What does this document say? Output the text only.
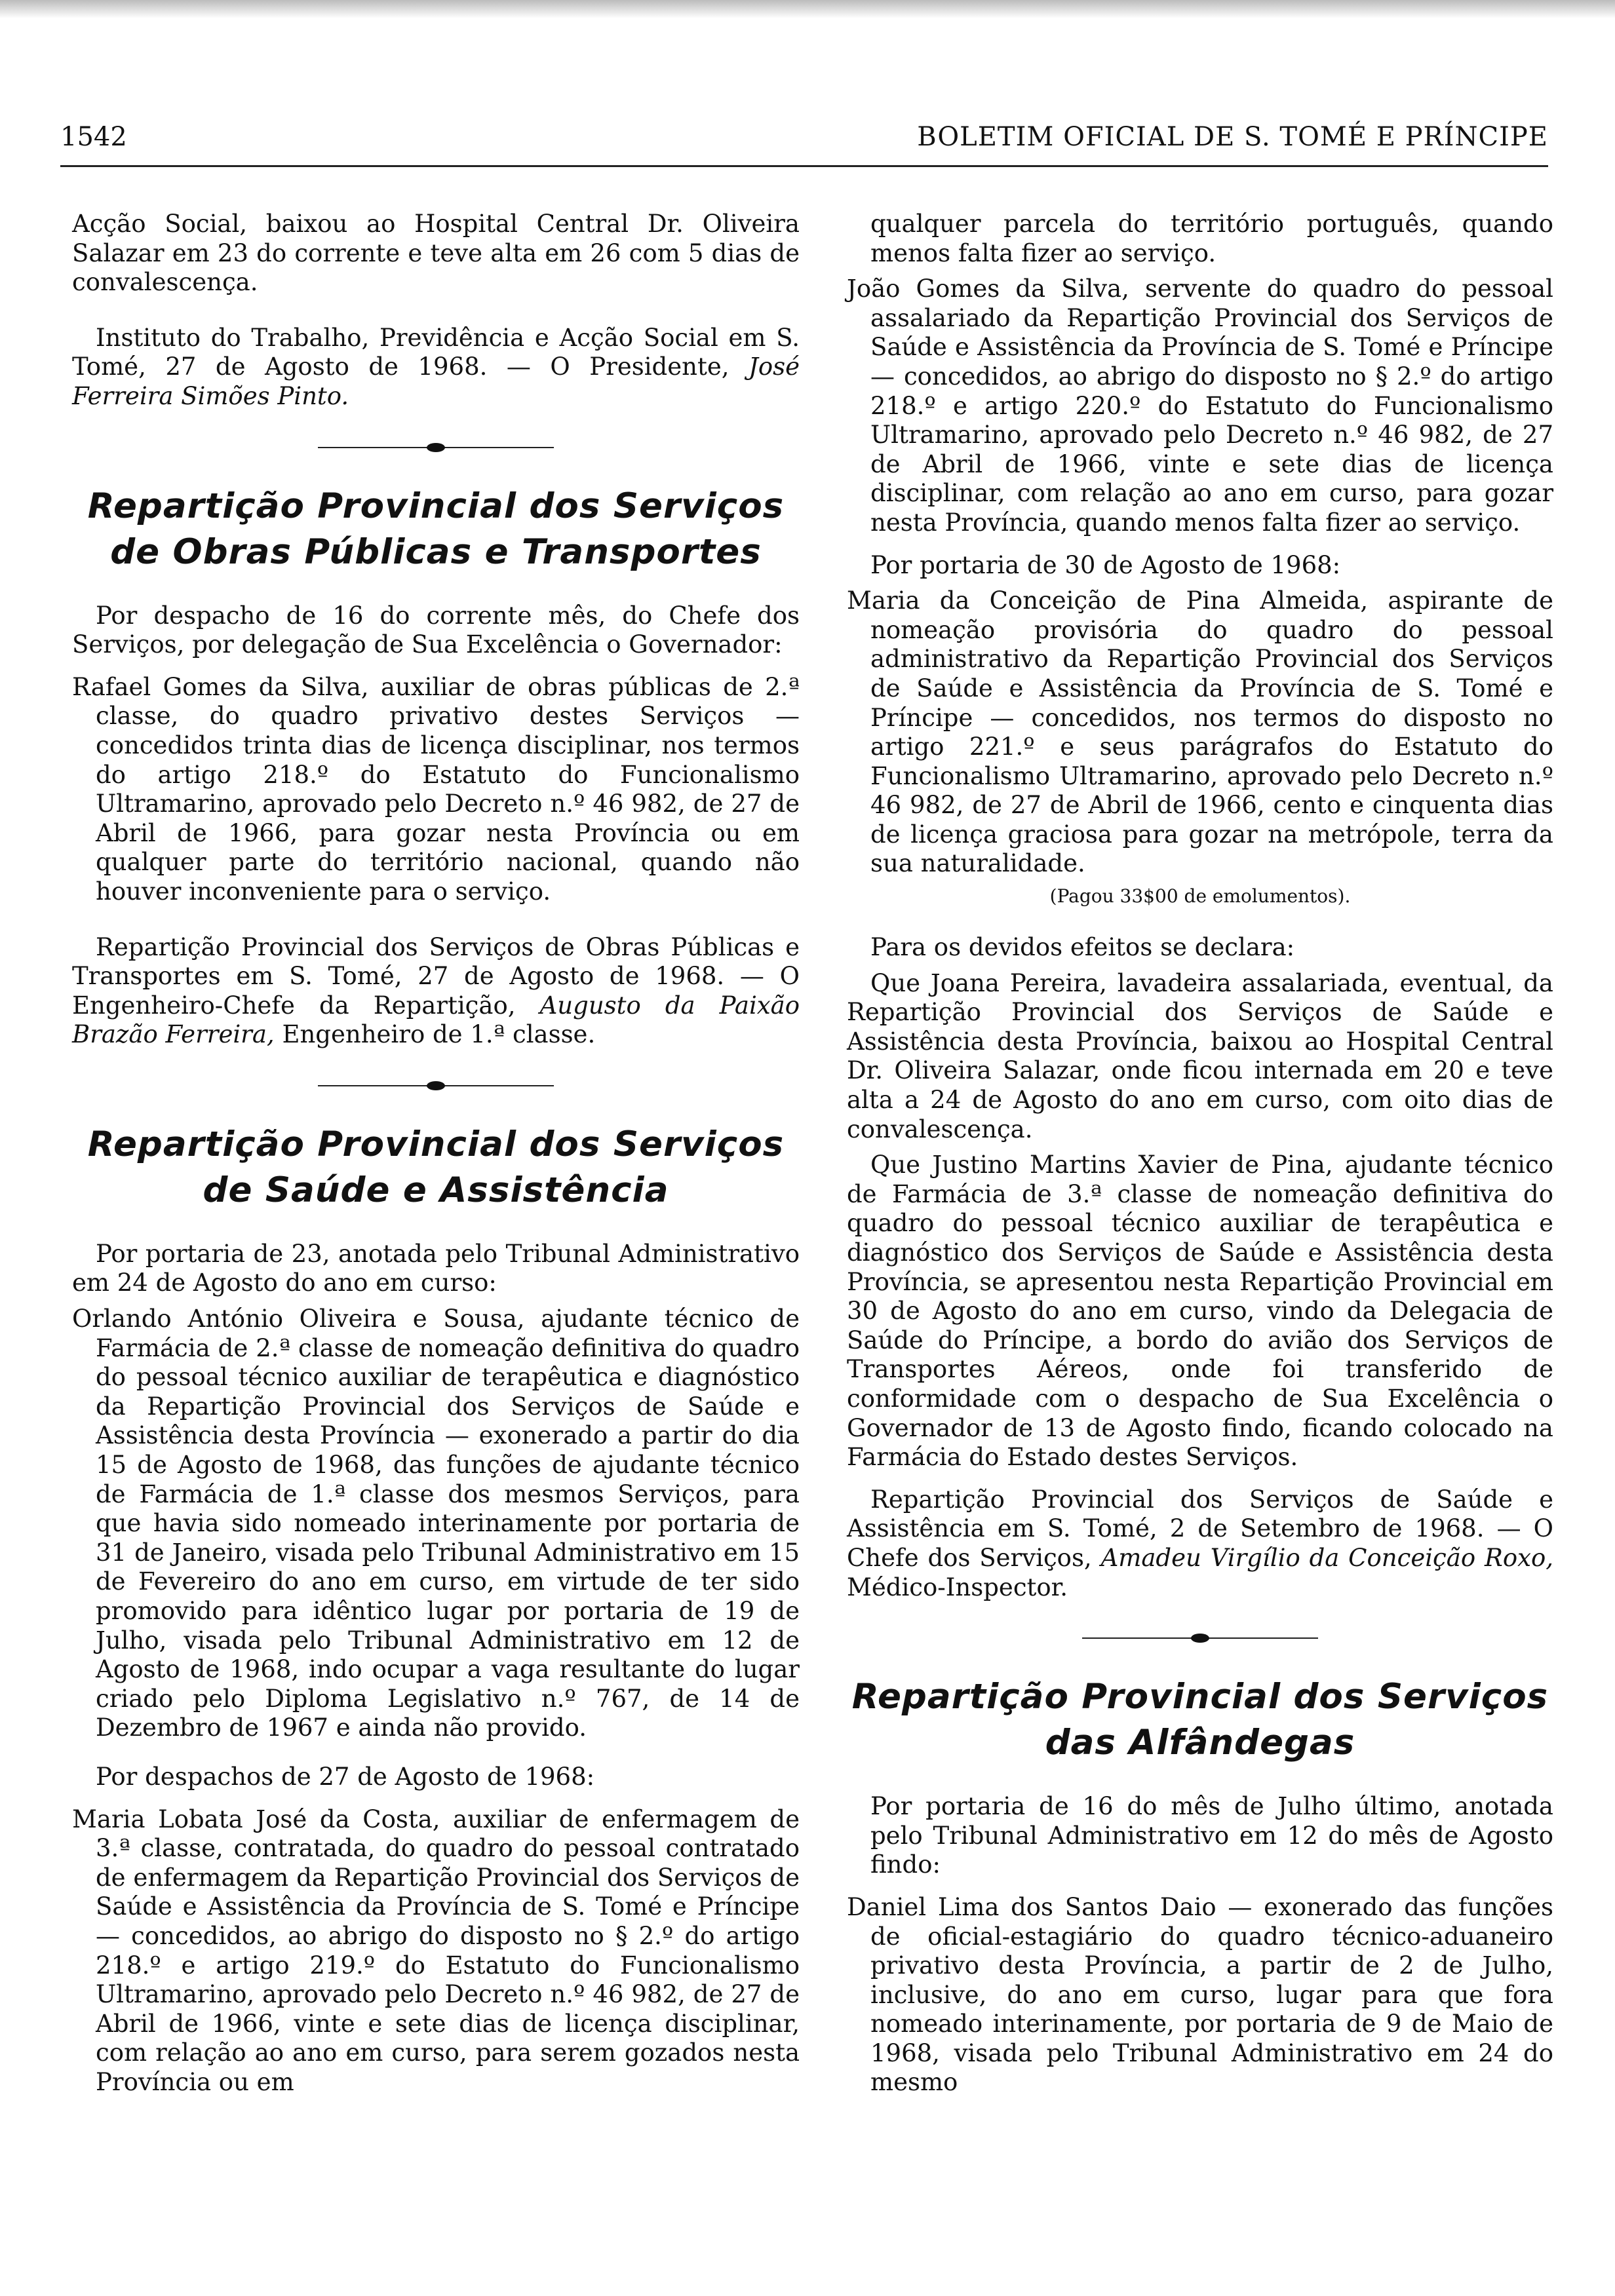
1542	BOLETIM OFICIAL DE S. TOMÉ E PRÍNCIPE

Acção Social, baixou ao Hospital Central Dr. Oliveira Salazar em 23 do corrente e teve alta em 26 com 5 dias de convalescença.

Instituto do Trabalho, Previdência e Acção Social em S. Tomé, 27 de Agosto de 1968. — O Presidente, José Ferreira Simões Pinto.

Repartição Provincial dos Serviços
de Obras Públicas e Transportes

Por despacho de 16 do corrente mês, do Chefe dos Serviços, por delegação de Sua Excelência o Governador:

Rafael Gomes da Silva, auxiliar de obras públicas de 2.ª classe, do quadro privativo destes Serviços — concedidos trinta dias de licença disciplinar, nos termos do artigo 218.º do Estatuto do Funcionalismo Ultramarino, aprovado pelo Decreto n.º 46 982, de 27 de Abril de 1966, para gozar nesta Província ou em qualquer parte do território nacional, quando não houver inconveniente para o serviço.

Repartição Provincial dos Serviços de Obras Públicas e Transportes em S. Tomé, 27 de Agosto de 1968. — O Engenheiro-Chefe da Repartição, Augusto da Paixão Brazão Ferreira, Engenheiro de 1.ª classe.

Repartição Provincial dos Serviços
de Saúde e Assistência

Por portaria de 23, anotada pelo Tribunal Administrativo em 24 de Agosto do ano em curso:

Orlando António Oliveira e Sousa, ajudante técnico de Farmácia de 2.ª classe de nomeação definitiva do quadro do pessoal técnico auxiliar de terapêutica e diagnóstico da Repartição Provincial dos Serviços de Saúde e Assistência desta Província — exonerado a partir do dia 15 de Agosto de 1968, das funções de ajudante técnico de Farmácia de 1.ª classe dos mesmos Serviços, para que havia sido nomeado interinamente por portaria de 31 de Janeiro, visada pelo Tribunal Administrativo em 15 de Fevereiro do ano em curso, em virtude de ter sido promovido para idêntico lugar por portaria de 19 de Julho, visada pelo Tribunal Administrativo em 12 de Agosto de 1968, indo ocupar a vaga resultante do lugar criado pelo Diploma Legislativo n.º 767, de 14 de Dezembro de 1967 e ainda não provido.

Por despachos de 27 de Agosto de 1968:

Maria Lobata José da Costa, auxiliar de enfermagem de 3.ª classe, contratada, do quadro do pessoal contratado de enfermagem da Repartição Provincial dos Serviços de Saúde e Assistência da Província de S. Tomé e Príncipe — concedidos, ao abrigo do disposto no § 2.º do artigo 218.º e artigo 219.º do Estatuto do Funcionalismo Ultramarino, aprovado pelo Decreto n.º 46 982, de 27 de Abril de 1966, vinte e sete dias de licença disciplinar, com relação ao ano em curso, para serem gozados nesta Província ou em

qualquer parcela do território português, quando menos falta fizer ao serviço.

João Gomes da Silva, servente do quadro do pessoal assalariado da Repartição Provincial dos Serviços de Saúde e Assistência da Província de S. Tomé e Príncipe — concedidos, ao abrigo do disposto no § 2.º do artigo 218.º e artigo 220.º do Estatuto do Funcionalismo Ultramarino, aprovado pelo Decreto n.º 46 982, de 27 de Abril de 1966, vinte e sete dias de licença disciplinar, com relação ao ano em curso, para gozar nesta Província, quando menos falta fizer ao serviço.

Por portaria de 30 de Agosto de 1968:

Maria da Conceição de Pina Almeida, aspirante de nomeação provisória do quadro do pessoal administrativo da Repartição Provincial dos Serviços de Saúde e Assistência da Província de S. Tomé e Príncipe — concedidos, nos termos do disposto no artigo 221.º e seus parágrafos do Estatuto do Funcionalismo Ultramarino, aprovado pelo Decreto n.º 46 982, de 27 de Abril de 1966, cento e cinquenta dias de licença graciosa para gozar na metrópole, terra da sua naturalidade.

(Pagou 33$00 de emolumentos).

Para os devidos efeitos se declara:

Que Joana Pereira, lavadeira assalariada, eventual, da Repartição Provincial dos Serviços de Saúde e Assistência desta Província, baixou ao Hospital Central Dr. Oliveira Salazar, onde ficou internada em 20 e teve alta a 24 de Agosto do ano em curso, com oito dias de convalescença.

Que Justino Martins Xavier de Pina, ajudante técnico de Farmácia de 3.ª classe de nomeação definitiva do quadro do pessoal técnico auxiliar de terapêutica e diagnóstico dos Serviços de Saúde e Assistência desta Província, se apresentou nesta Repartição Provincial em 30 de Agosto do ano em curso, vindo da Delegacia de Saúde do Príncipe, a bordo do avião dos Serviços de Transportes Aéreos, onde foi transferido de conformidade com o despacho de Sua Excelência o Governador de 13 de Agosto findo, ficando colocado na Farmácia do Estado destes Serviços.

Repartição Provincial dos Serviços de Saúde e Assistência em S. Tomé, 2 de Setembro de 1968. — O Chefe dos Serviços, Amadeu Virgílio da Conceição Roxo, Médico-Inspector.

Repartição Provincial dos Serviços
das Alfândegas

Por portaria de 16 do mês de Julho último, anotada pelo Tribunal Administrativo em 12 do mês de Agosto findo:

Daniel Lima dos Santos Daio — exonerado das funções de oficial-estagiário do quadro técnico-aduaneiro privativo desta Província, a partir de 2 de Julho, inclusive, do ano em curso, lugar para que fora nomeado interinamente, por portaria de 9 de Maio de 1968, visada pelo Tribunal Administrativo em 24 do mesmo
